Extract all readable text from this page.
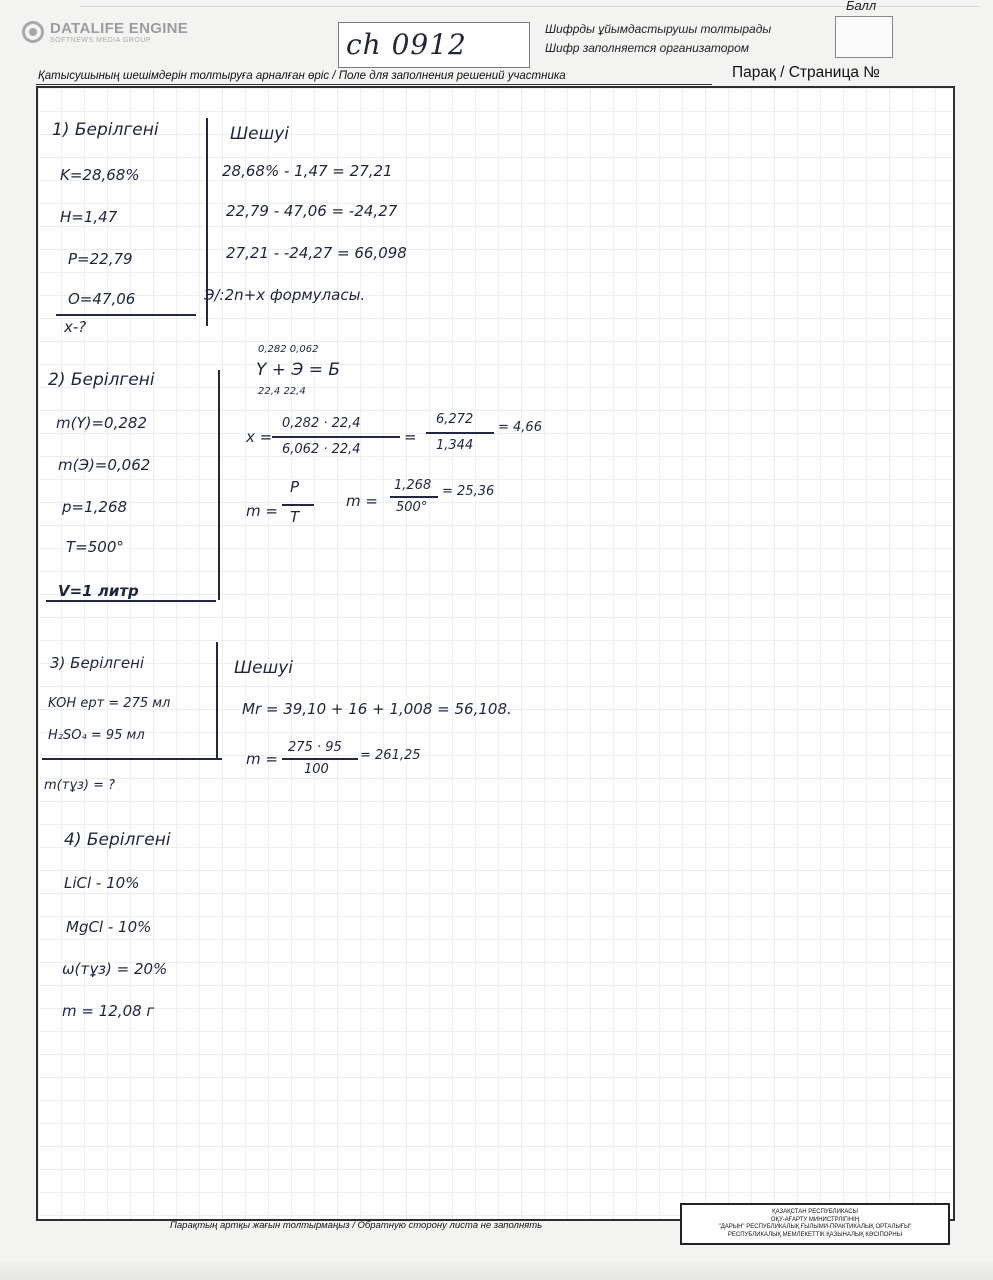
DATALIFE ENGINE
SOFTNEWS MEDIA GROUP	ch 0912	Шифрды ұйымдастырушы толтырады
Шифр заполняется организатором
Балл
Қатысушының шешімдерін толтыруға арналған өріс / Поле для заполнения решений участника	Парақ / Страница №
1) Берілгені
K=28,68%
H=1,47
P=22,79
O=47,06
x-?
Шешуі
28,68% - 1,47 = 27,21
22,79 - 47,06 = -24,27
27,21 - -24,27 = 66,098
Э/:2n+x формуласы.
2) Берілгені
m(Y)=0,282
m(Э)=0,062
p=1,268
T=500°
V=1 литр
0,282 0,062
Y + Э = Б
22,4 22,4
x =
0,282 · 22,4
6,062 · 22,4
=
6,272
1,344
= 4,66
m =
P
T
m =
1,268
500°
= 25,36
3) Берілгені
KOH ерт = 275 мл
H₂SO₄ = 95 мл
m(тұз) = ?
Шешуі
Mr = 39,10 + 16 + 1,008 = 56,108.
m =
275 · 95
100
= 261,25
4) Берілгені
LiCl - 10%
MgCl - 10%
ω(тұз) = 20%
m = 12,08 г
Парақтың артқы жағын толтырмаңыз / Обратную сторону листа не заполнять
ҚАЗАҚСТАН РЕСПУБЛИКАСЫ
ОҚУ-АҒАРТУ МИНИСТРЛІГІНІҢ
"ДАРЫН" РЕСПУБЛИКАЛЫҚ ҒЫЛЫМИ-ПРАКТИКАЛЫҚ ОРТАЛЫҒЫ"
РЕСПУБЛИКАЛЫҚ МЕМЛЕКЕТТІК ҚАЗЫНАЛЫҚ КӘСІПОРНЫ
